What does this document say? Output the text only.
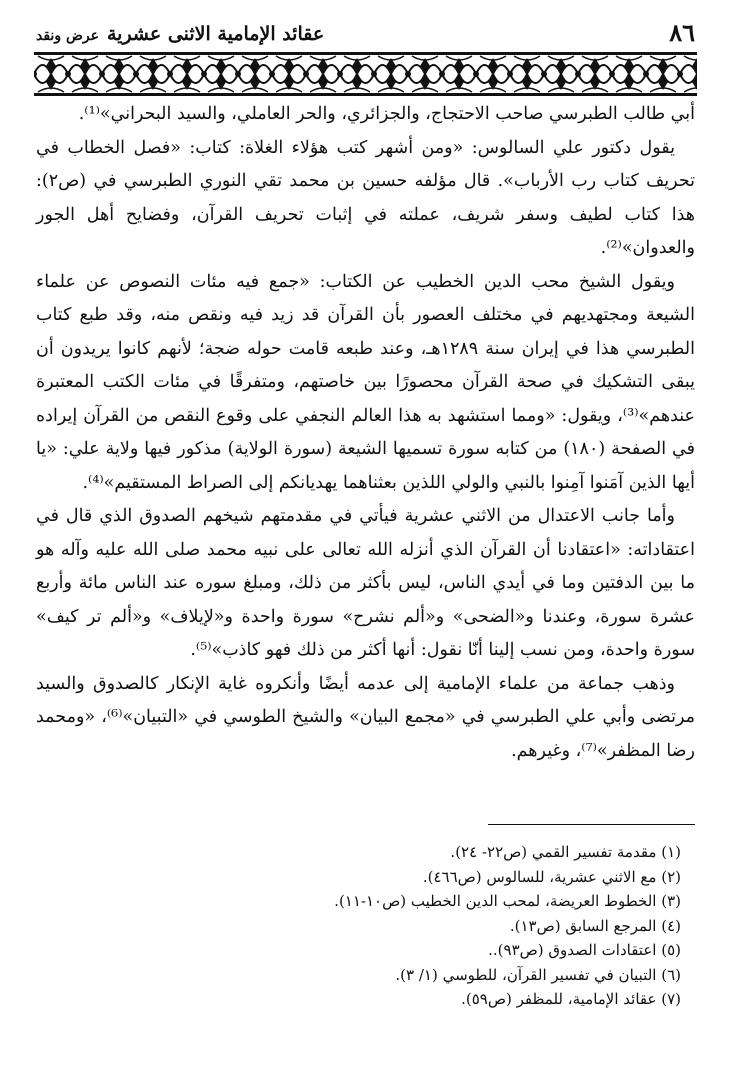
٨٦
عقائد الإمامية الاثنى عشريةعرض ونقد

أبي طالب الطبرسي صاحب الاحتجاج، والجزائري، والحر العاملي، والسيد البحراني»⁽¹⁾.

يقول دكتور علي السالوس: «ومن أشهر كتب هؤلاء الغلاة: كتاب: «فصل الخطاب في تحريف كتاب رب الأرباب». قال مؤلفه حسين بن محمد تقي النوري الطبرسي في (ص٢): هذا كتاب لطيف وسفر شريف، عملته في إثبات تحريف القرآن، وفضايح أهل الجور والعدوان»⁽²⁾.

ويقول الشيخ محب الدين الخطيب عن الكتاب: «جمع فيه مئات النصوص عن علماء الشيعة ومجتهديهم في مختلف العصور بأن القرآن قد زيد فيه ونقص منه، وقد طبع كتاب الطبرسي هذا في إيران سنة ١٢٨٩هـ، وعند طبعه قامت حوله ضجة؛ لأنهم كانوا يريدون أن يبقى التشكيك في صحة القرآن محصورًا بين خاصتهم، ومتفرقًا في مئات الكتب المعتبرة عندهم»⁽³⁾، ويقول: «ومما استشهد به هذا العالم النجفي على وقوع النقص من القرآن إيراده في الصفحة (١٨٠) من كتابه سورة تسميها الشيعة (سورة الولاية) مذكور فيها ولاية علي: «يا أيها الذين آمَنوا آمِنوا بالنبي والولي اللذين بعثناهما يهديانكم إلى الصراط المستقيم»⁽⁴⁾.

وأما جانب الاعتدال من الاثني عشرية فيأتي في مقدمتهم شيخهم الصدوق الذي قال في اعتقاداته: «اعتقادنا أن القرآن الذي أنزله الله تعالى على نبيه محمد صلى الله عليه وآله هو ما بين الدفتين وما في أيدي الناس، ليس بأكثر من ذلك، ومبلغ سوره عند الناس مائة وأربع عشرة سورة، وعندنا و«الضحى» و«ألم نشرح» سورة واحدة و«لإيلاف» و«ألم تر كيف» سورة واحدة، ومن نسب إلينا أنّا نقول: أنها أكثر من ذلك فهو كاذب»⁽⁵⁾.

وذهب جماعة من علماء الإمامية إلى عدمه أيضًا وأنكروه غاية الإنكار كالصدوق والسيد مرتضى وأبي علي الطبرسي في «مجمع البيان» والشيخ الطوسي في «التبيان»⁽⁶⁾، «ومحمد رضا المظفر»⁽⁷⁾، وغيرهم.

(١) مقدمة تفسير القمي (ص٢٢- ٢٤).
(٢) مع الاثني عشرية، للسالوس (ص٤٦٦).
(٣) الخطوط العريضة، لمحب الدين الخطيب (ص١٠-١١).
(٤) المرجع السابق (ص١٣).
(٥) اعتقادات الصدوق (ص٩٣)..
(٦) التبيان في تفسير القرآن، للطوسي (١/ ٣).
(٧) عقائد الإمامية، للمظفر (ص٥٩).
